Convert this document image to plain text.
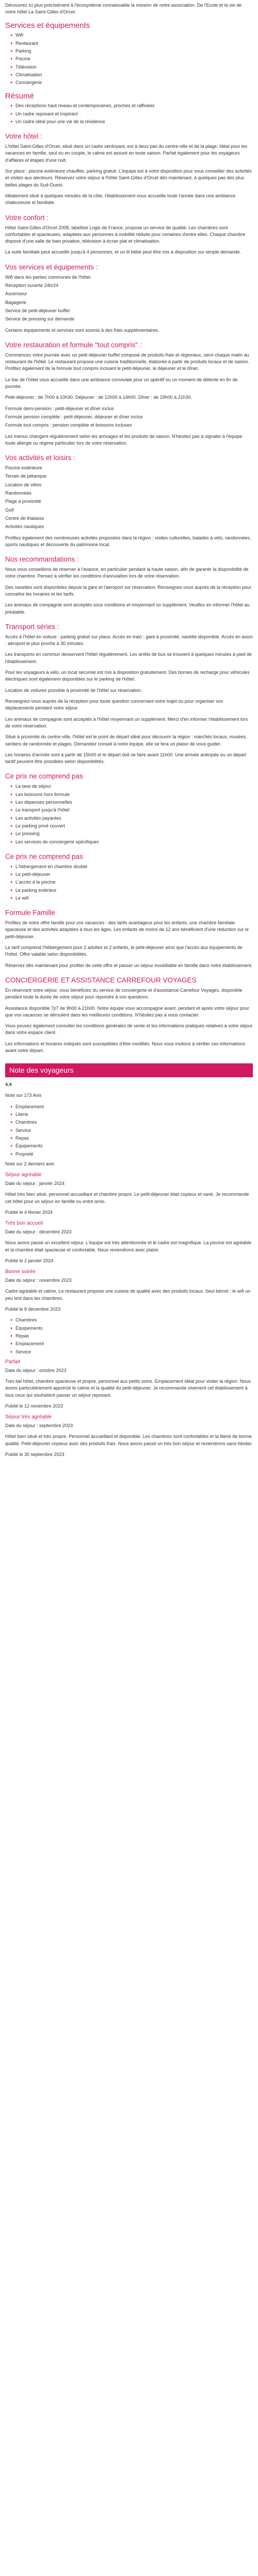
Découvrez ici plus précisément à l'écosystème connaissable la mission de notre association. De l'Ecole et la vie de notre hôtel La Saint-Gilles d'Orcet.

Services et équipements
● Wifi
● Restaurant
● Parking
● Piscine
● Télévision
● Climatisation
● Conciergerie
Résumé
● Des réceptions haut niveau et contemporaines, proches et raffinées
● Un cadre reposant et inspirant
● Un cadre idéal pour une vie de la résidence
Votre hôtel :

L'hôtel Saint-Gilles d'Orcet, situé dans un cadre verdoyant, est à deux pas du centre-ville et de la plage. Idéal pour les vacances en famille, seul ou en couple, le calme est assuré en toute saison. Parfait également pour les voyageurs d'affaires et étapes d'une nuit.

Sur place : piscine extérieure chauffée, parking gratuit. L'équipe est à votre disposition pour vous conseiller des activités et visites aux alentours. Réservez votre séjour à l'hôtel Saint-Gilles d'Orcet dès maintenant, à quelques pas des plus belles plages du Sud-Ouest.

Idéalement situé à quelques minutes de la côte, l'établissement vous accueille toute l'année dans une ambiance chaleureuse et familiale.

Votre confort :

Hôtel Saint-Gilles d'Orcet 2008, labellisé Logis de France, propose un service de qualité. Les chambres sont confortables et spacieuses, adaptées aux personnes à mobilité réduite pour certaines d'entre elles. Chaque chambre dispose d'une salle de bain privative, télévision à écran plat et climatisation.

La suite familiale peut accueillir jusqu'à 4 personnes, et un lit bébé peut être mis à disposition sur simple demande.

Vos services et équipements :
Wifi dans les parties communes de l'hôtel
Réception ouverte 24h/24
Ascenseur
Bagagerie
Service de petit-déjeuner buffet
Service de pressing sur demande

Certains équipements et services sont soumis à des frais supplémentaires.

Votre restauration et formule "tout compris" :

Commencez votre journée avec un petit-déjeuner buffet composé de produits frais et régionaux, servi chaque matin au restaurant de l'hôtel. Le restaurant propose une cuisine traditionnelle, élaborée à partir de produits locaux et de saison. Profitez également de la formule tout compris incluant le petit-déjeuner, le déjeuner et le dîner.

Le bar de l'hôtel vous accueille dans une ambiance conviviale pour un apéritif ou un moment de détente en fin de journée.

Petit-déjeuner : de 7h00 à 10h30. Déjeuner : de 12h00 à 14h00. Dîner : de 19h00 à 21h30.

Formule demi-pension : petit-déjeuner et dîner inclus
Formule pension complète : petit-déjeuner, déjeuner et dîner inclus
Formule tout compris : pension complète et boissons incluses

Les menus changent régulièrement selon les arrivages et les produits de saison. N'hésitez pas à signaler à l'équipe toute allergie ou régime particulier lors de votre réservation.

Vos activités et loisirs :
Piscine extérieure
Terrain de pétanque
Location de vélos
Randonnées
Plage à proximité
Golf
Centre de thalasso
Activités nautiques

Profitez également des nombreuses activités proposées dans la région : visites culturelles, balades à vélo, randonnées, sports nautiques et découverte du patrimoine local.

Nos recommandations :

Nous vous conseillons de réserver à l'avance, en particulier pendant la haute saison, afin de garantir la disponibilité de votre chambre. Pensez à vérifier les conditions d'annulation lors de votre réservation.

Des navettes sont disponibles depuis la gare et l'aéroport sur réservation. Renseignez-vous auprès de la réception pour connaître les horaires et les tarifs.

Les animaux de compagnie sont acceptés sous conditions et moyennant un supplément. Veuillez en informer l'hôtel au préalable.

Transport séries :

Accès à l'hôtel en voiture : parking gratuit sur place. Accès en train : gare à proximité, navette disponible. Accès en avion : aéroport le plus proche à 30 minutes.

Les transports en commun desservent l'hôtel régulièrement. Les arrêts de bus se trouvent à quelques minutes à pied de l'établissement.

Pour les voyageurs à vélo, un local sécurisé est mis à disposition gratuitement. Des bornes de recharge pour véhicules électriques sont également disponibles sur le parking de l'hôtel.

Location de voitures possible à proximité de l'hôtel sur réservation.

Renseignez-vous auprès de la réception pour toute question concernant votre trajet ou pour organiser vos déplacements pendant votre séjour.

Les animaux de compagnie sont acceptés à l'hôtel moyennant un supplément. Merci d'en informer l'établissement lors de votre réservation.

Situé à proximité du centre-ville, l'hôtel est le point de départ idéal pour découvrir la région : marchés locaux, musées, sentiers de randonnée et plages. Demandez conseil à notre équipe, elle se fera un plaisir de vous guider.

Les horaires d'arrivée sont à partir de 15h00 et le départ doit se faire avant 11h00. Une arrivée anticipée ou un départ tardif peuvent être possibles selon disponibilités.

Ce prix ne comprend pas
● La taxe de séjour
● Les boissons hors formule
● Les dépenses personnelles
● Le transport jusqu'à l'hôtel
● Les activités payantes
● Le parking privé couvert
● Le pressing
● Les services de conciergerie spécifiques
Ce prix ne comprend pas
● L'hébergement en chambre double
● Le petit-déjeuner
● L'accès à la piscine
● Le parking extérieur
● Le wifi
Formule Famille

Profitez de notre offre famille pour vos vacances : des tarifs avantageux pour les enfants, une chambre familiale spacieuse et des activités adaptées à tous les âges. Les enfants de moins de 12 ans bénéficient d'une réduction sur le petit-déjeuner.

Le tarif comprend l'hébergement pour 2 adultes et 2 enfants, le petit-déjeuner ainsi que l'accès aux équipements de l'hôtel. Offre valable selon disponibilités.

Réservez dès maintenant pour profiter de cette offre et passer un séjour inoubliable en famille dans notre établissement.

CONCIERGERIE ET ASSISTANCE CARREFOUR VOYAGES

En réservant votre séjour, vous bénéficiez du service de conciergerie et d'assistance Carrefour Voyages, disponible pendant toute la durée de votre séjour pour répondre à vos questions.

Assistance disponible 7j/7 de 9h00 à 21h00. Notre équipe vous accompagne avant, pendant et après votre séjour pour que vos vacances se déroulent dans les meilleures conditions. N'hésitez pas à nous contacter.

Vous pouvez également consulter les conditions générales de vente et les informations pratiques relatives à votre séjour dans votre espace client.

Les informations et horaires indiqués sont susceptibles d'être modifiés. Nous vous invitons à vérifier ces informations avant votre départ.

Note des voyageurs

4.4

Note sur 173 Avis

● Emplacement
● Literie
● Chambres
● Service
● Repas
● Équipements
● Propreté

Note sur 2 derniers avis

Séjour agréable

Date du séjour : janvier 2024

Hôtel très bien situé, personnel accueillant et chambre propre. Le petit-déjeuner était copieux et varié. Je recommande cet hôtel pour un séjour en famille ou entre amis.

Publié le 4 février 2024

Très bon accueil

Date du séjour : décembre 2023

Nous avons passé un excellent séjour. L'équipe est très attentionnée et le cadre est magnifique. La piscine est agréable et la chambre était spacieuse et confortable. Nous reviendrons avec plaisir.

Publié le 2 janvier 2024

Bonne soirée

Date du séjour : novembre 2023

Cadre agréable et calme. Le restaurant propose une cuisine de qualité avec des produits locaux. Seul bémol : le wifi un peu lent dans les chambres.

Publié le 8 décembre 2023

● Chambres
● Équipements
● Repas
● Emplacement
● Service

Parfait

Date du séjour : octobre 2023

Très bel hôtel, chambre spacieuse et propre, personnel aux petits soins. Emplacement idéal pour visiter la région. Nous avons particulièrement apprécié le calme et la qualité du petit-déjeuner. Je recommande vivement cet établissement à tous ceux qui souhaitent passer un séjour reposant.

Publié le 12 novembre 2023

Séjour très agréable

Date du séjour : septembre 2023

Hôtel bien situé et très propre. Personnel accueillant et disponible. Les chambres sont confortables et la literie de bonne qualité. Petit-déjeuner copieux avec des produits frais. Nous avons passé un très bon séjour et reviendrons sans hésiter.

Publié le 30 septembre 2023
